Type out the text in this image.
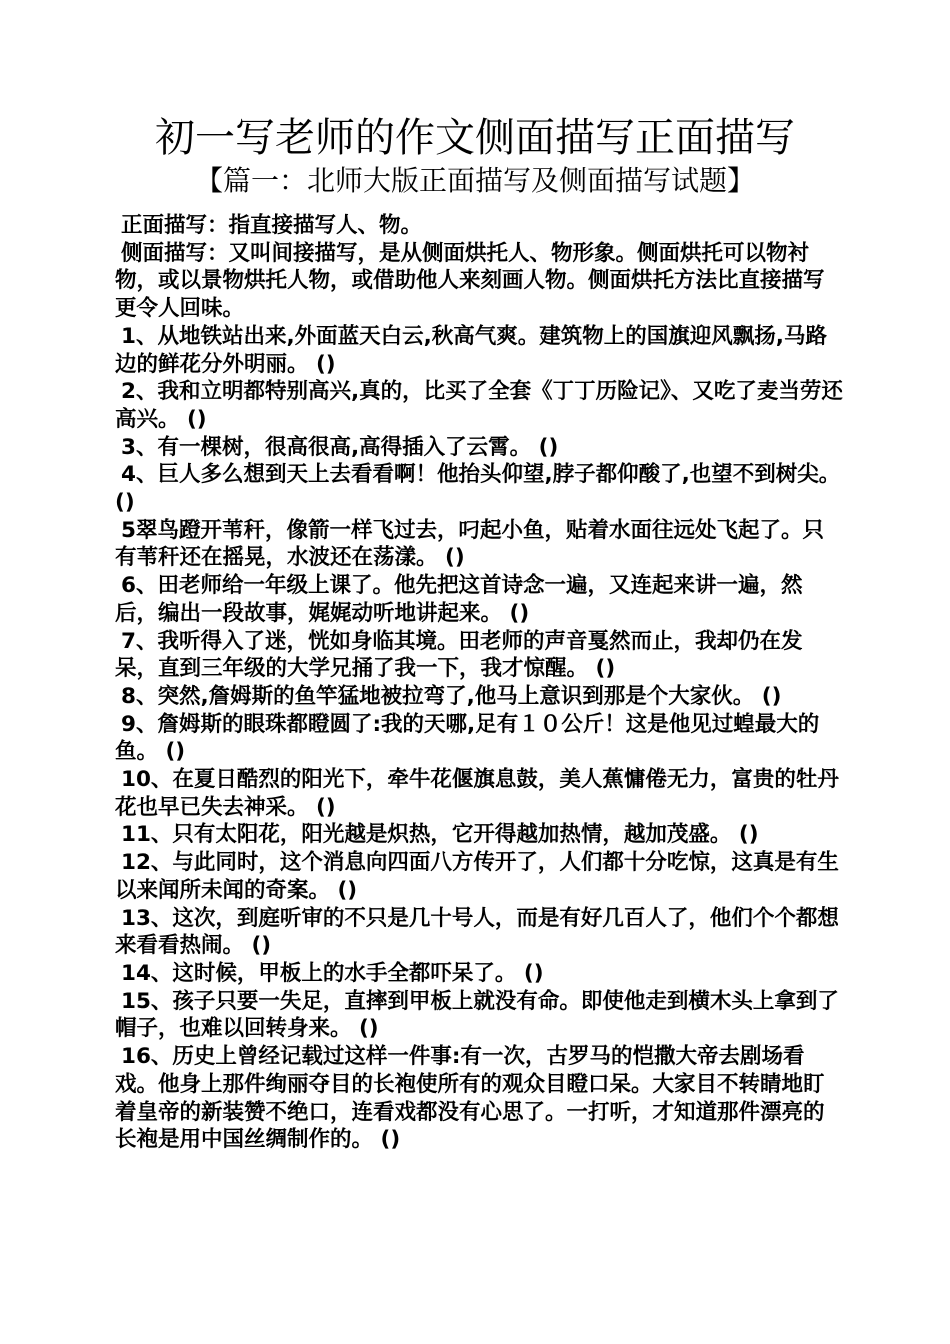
初一写老师的作文侧面描写正面描写
【篇一：北师大版正面描写及侧面描写试题】

正面描写：指直接描写人、物。

侧面描写：又叫间接描写，是从侧面烘托人、物形象。侧面烘托可以物衬物，或以景物烘托人物，或借助他人来刻画人物。侧面烘托方法比直接描写更令人回味。

1、从地铁站出来,外面蓝天白云,秋高气爽。建筑物上的国旗迎风飘扬,马路边的鲜花分外明丽。 ()

2、我和立明都特别高兴,真的，比买了全套《丁丁历险记》、又吃了麦当劳还高兴。 ()

3、有一棵树，很高很高,高得插入了云霄。 ()

4、巨人多么想到天上去看看啊！他抬头仰望,脖子都仰酸了,也望不到树尖。 ()

5翠鸟蹬开苇秆，像箭一样飞过去，叼起小鱼，贴着水面往远处飞起了。只有苇秆还在摇晃，水波还在荡漾。 ()

6、田老师给一年级上课了。他先把这首诗念一遍，又连起来讲一遍，然后，编出一段故事，娓娓动听地讲起来。 ()

7、我听得入了迷，恍如身临其境。田老师的声音戛然而止，我却仍在发呆，直到三年级的大学兄捅了我一下，我才惊醒。 ()

8、突然,詹姆斯的鱼竿猛地被拉弯了,他马上意识到那是个大家伙。 ()

9、詹姆斯的眼珠都瞪圆了:我的天哪,足有１０公斤！这是他见过蝗最大的鱼。 ()

10、在夏日酷烈的阳光下，牵牛花偃旗息鼓，美人蕉慵倦无力，富贵的牡丹花也早已失去神采。 ()

11、只有太阳花，阳光越是炽热，它开得越加热情，越加茂盛。 ()

12、与此同时，这个消息向四面八方传开了，人们都十分吃惊，这真是有生以来闻所未闻的奇案。 ()

13、这次，到庭听审的不只是几十号人，而是有好几百人了，他们个个都想来看看热闹。 ()

14、这时候，甲板上的水手全都吓呆了。 ()

15、孩子只要一失足，直摔到甲板上就没有命。即使他走到横木头上拿到了帽子，也难以回转身来。 ()

16、历史上曾经记载过这样一件事:有一次，古罗马的恺撒大帝去剧场看戏。他身上那件绚丽夺目的长袍使所有的观众目瞪口呆。大家目不转睛地盯着皇帝的新装赞不绝口，连看戏都没有心思了。一打听，才知道那件漂亮的长袍是用中国丝绸制作的。 ()
